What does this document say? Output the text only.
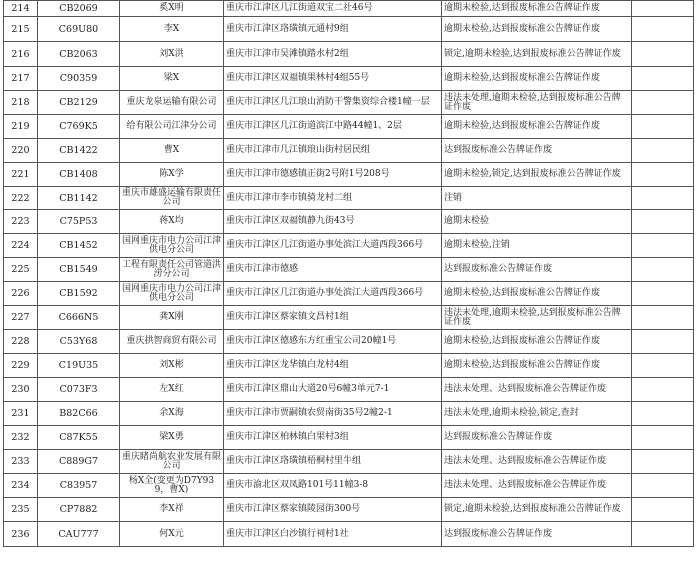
214	CB2069	奚X明	重庆市江津区几江街道双宝二社46号	逾期未检验,达到报废标准公告牌证作废	
215	C69U80	李X	重庆市江津区珞璜镇元通村9组	逾期未检验,达到报废标准公告牌证作废	
216	CB2063	刘X洪	重庆市江津市吴滩镇踏水村2组	锁定,逾期未检验,达到报废标准公告牌证作废	
217	C90359	梁X	重庆市江津区双福镇果林村4组55号	逾期未检验,达到报废标准公告牌证作废	
218	CB2129	重庆龙泉运输有限公司	重庆市江津区几江琅山消防干警集资综合楼1幢一层	违法未处理,逾期未检验,达到报废标准公告牌证作废	
219	C769K5	给有限公司江津分公司	重庆市江津区几江街道滨江中路44幢1、2层	逾期未检验,达到报废标准公告牌证作废	
220	CB1422	曹X	重庆市江津市几江镇琅山街村居民组	达到报废标准公告牌证作废	
221	CB1408	陈X学	重庆市江津市德感镇正街2号附1号208号	逾期未检验,锁定,达到报废标准公告牌证作废	
222	CB1142	重庆市雄盛运输有限责任公司	重庆市江津市李市镇骑龙村二组	注销	
223	C75P53	蒋X均	重庆市江津区双福镇静九街43号	逾期未检验	
224	CB1452	国网重庆市电力公司江津供电分公司	重庆市江津区几江街道办事处滨江大道西段366号	逾期未检验,注销	
225	CB1549	工程有限责任公司管道洪涝分公司	重庆市江津市德感	达到报废标准公告牌证作废	
226	CB1592	国网重庆市电力公司江津供电分公司	重庆市江津区几江街道办事处滨江大道西段366号	逾期未检验,达到报废标准公告牌证作废	
227	C666N5	龚X刚	重庆市江津区蔡家镇文昌村1组	违法未处理,逾期未检验,达到报废标准公告牌证作废	
228	C53Y68	重庆拱智商贸有限公司	重庆市江津区德感东方红重宝公司20幢1号	逾期未检验,达到报废标准公告牌证作废	
229	C19U35	刘X彬	重庆市江津区龙华镇白龙村4组	逾期未检验,达到报废标准公告牌证作废	
230	C073F3	左X红	重庆市江津区鼎山大道20号6幢3单元7-1	违法未处理、达到报废标准公告牌证作废	
231	B82C66	余X海	重庆市江津市贾嗣镇农贸南街35号2幢2-1	违法未处理,逾期未检验,锁定,查封	
232	C87K55	梁X勇	重庆市江津区柏林镇白果村3组	达到报废标准公告牌证作废	
233	C889G7	重庆睹尚航农业发展有限公司	重庆市江津区珞璜镇梧桐村里牛组	违法未处理、达到报废标准公告牌证作废	
234	C83957	杨X全(变更为D7Y939，曹X)	重庆市渝北区双凤路101号11幢3-8	违法未处理、达到报废标准公告牌证作废	
235	CP7882	李X祥	重庆市江津区蔡家镇陵园街300号	锁定,逾期未检验,达到报废标准公告牌证作废	
236	CAU777	何X元	重庆市江津区白沙镇行祠村1社	达到报废标准公告牌证作废	
